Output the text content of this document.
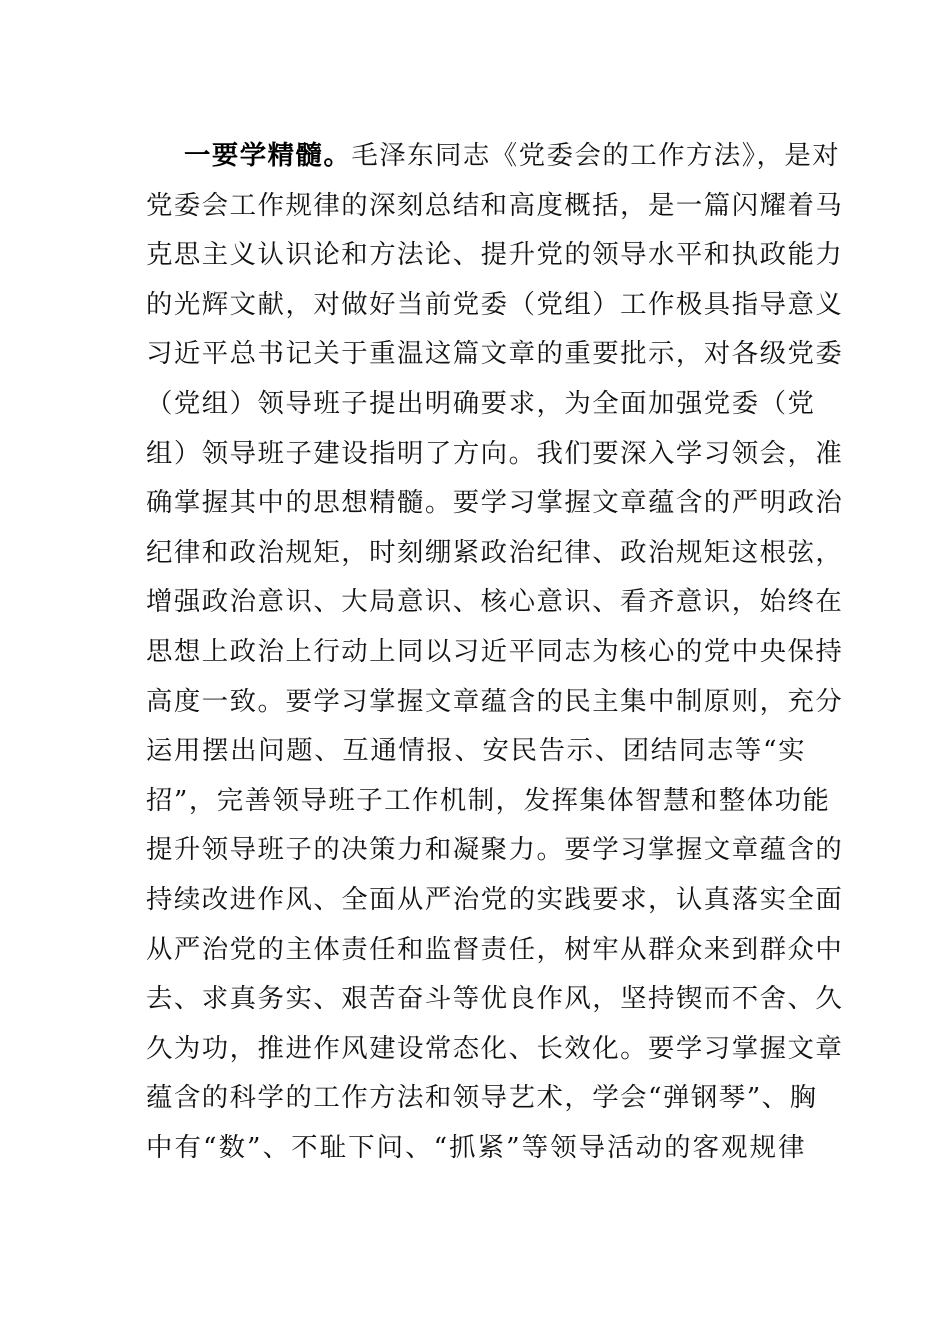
一要学精髓。毛泽东同志《党委会的工作方法》，是对
党委会工作规律的深刻总结和高度概括，是一篇闪耀着马
克思主义认识论和方法论、提升党的领导水平和执政能力
的光辉文献，对做好当前党委（党组）工作极具指导意义
习近平总书记关于重温这篇文章的重要批示，对各级党委
（党组）领导班子提出明确要求，为全面加强党委（党
组）领导班子建设指明了方向。我们要深入学习领会，准
确掌握其中的思想精髓。要学习掌握文章蕴含的严明政治
纪律和政治规矩，时刻绷紧政治纪律、政治规矩这根弦，
增强政治意识、大局意识、核心意识、看齐意识，始终在
思想上政治上行动上同以习近平同志为核心的党中央保持
高度一致。要学习掌握文章蕴含的民主集中制原则，充分
运用摆出问题、互通情报、安民告示、团结同志等“实
招”，完善领导班子工作机制，发挥集体智慧和整体功能
提升领导班子的决策力和凝聚力。要学习掌握文章蕴含的
持续改进作风、全面从严治党的实践要求，认真落实全面
从严治党的主体责任和监督责任，树牢从群众来到群众中
去、求真务实、艰苦奋斗等优良作风，坚持锲而不舍、久
久为功，推进作风建设常态化、长效化。要学习掌握文章
蕴含的科学的工作方法和领导艺术，学会“弹钢琴”、胸
中有“数”、不耻下问、“抓紧”等领导活动的客观规律
